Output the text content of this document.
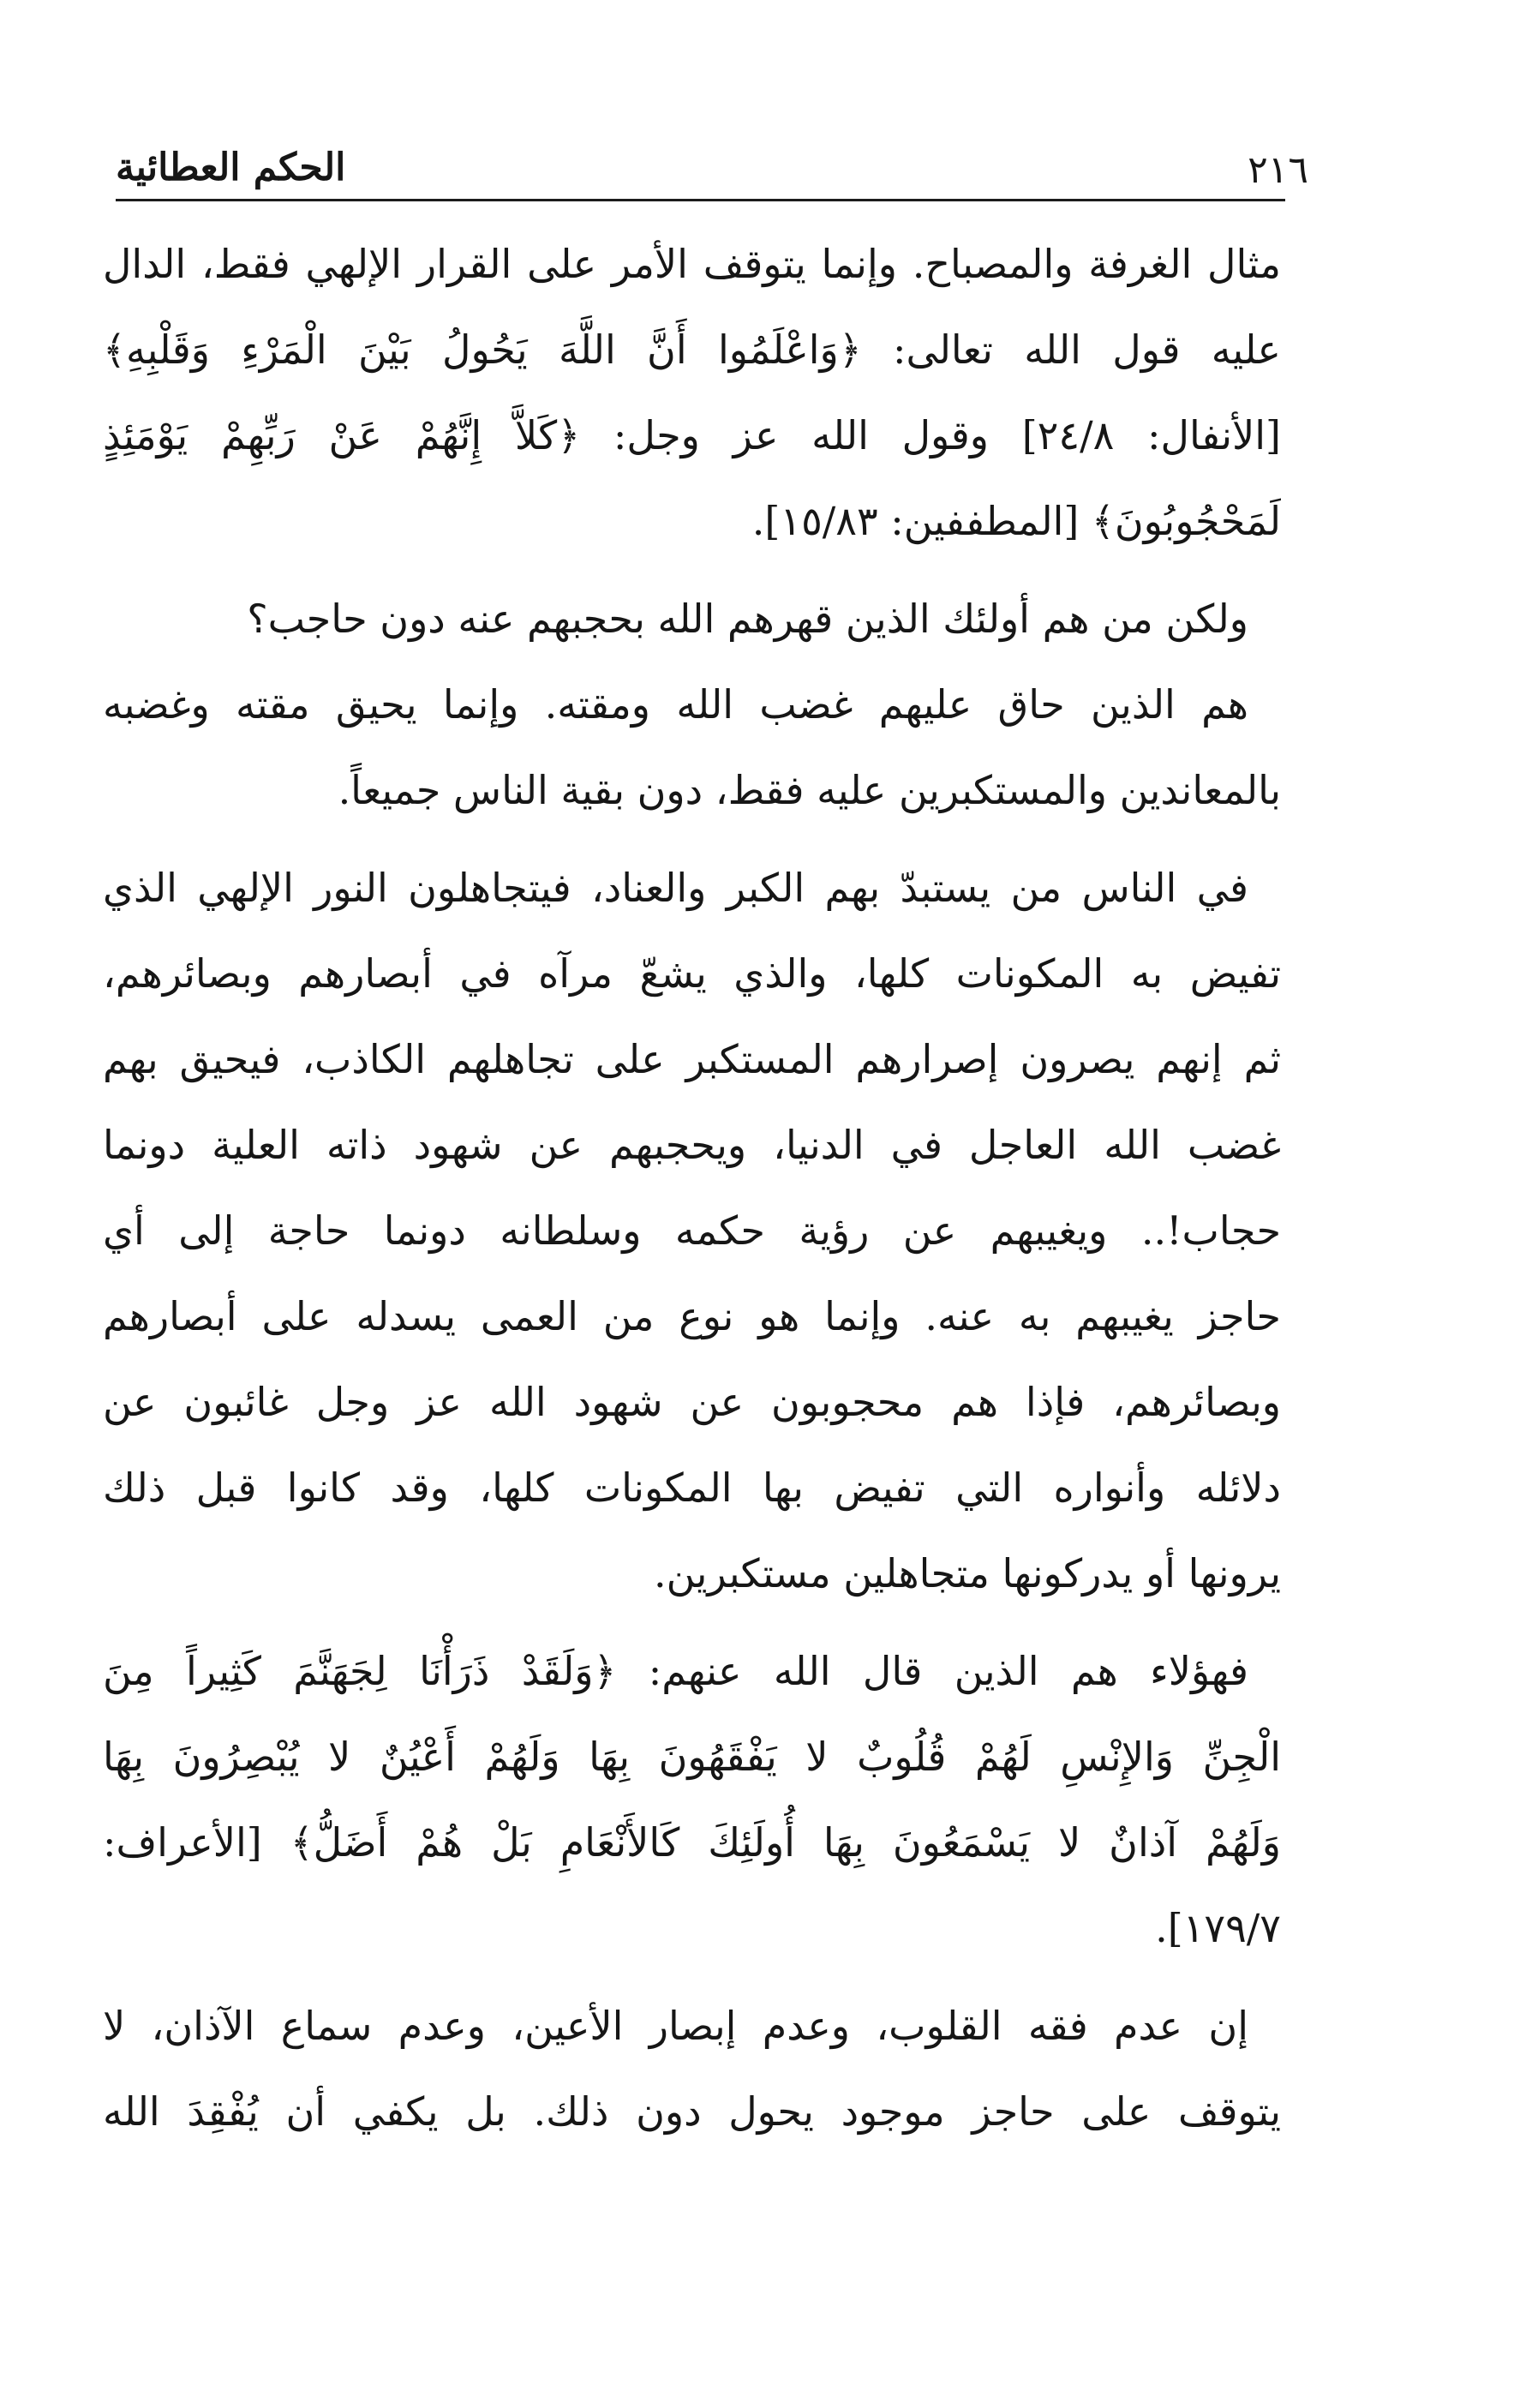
٢١٦
الحكم العطائية
مثال الغرفة والمصباح. وإنما يتوقف الأمر على القرار الإلهي فقط، الدال
عليه قول الله تعالى: ﴿وَاعْلَمُوا أَنَّ اللَّهَ يَحُولُ بَيْنَ الْمَرْءِ وَقَلْبِهِ﴾
[الأنفال: ٢٤/٨] وقول الله عز وجل: ﴿كَلاَّ إِنَّهُمْ عَنْ رَبِّهِمْ يَوْمَئِذٍ
لَمَحْجُوبُونَ﴾ [المطففين: ١٥/٨٣].
ولكن من هم أولئك الذين قهرهم الله بحجبهم عنه دون حاجب؟
هم الذين حاق عليهم غضب الله ومقته. وإنما يحيق مقته وغضبه
بالمعاندين والمستكبرين عليه فقط، دون بقية الناس جميعاً.
في الناس من يستبدّ بهم الكبر والعناد، فيتجاهلون النور الإلهي الذي
تفيض به المكونات كلها، والذي يشعّ مرآه في أبصارهم وبصائرهم،
ثم إنهم يصرون إصرارهم المستكبر على تجاهلهم الكاذب، فيحيق بهم
غضب الله العاجل في الدنيا، ويحجبهم عن شهود ذاته العلية دونما
حجاب!.. ويغيبهم عن رؤية حكمه وسلطانه دونما حاجة إلى أي
حاجز يغيبهم به عنه. وإنما هو نوع من العمى يسدله على أبصارهم
وبصائرهم، فإذا هم محجوبون عن شهود الله عز وجل غائبون عن
دلائله وأنواره التي تفيض بها المكونات كلها، وقد كانوا قبل ذلك
يرونها أو يدركونها متجاهلين مستكبرين.
فهؤلاء هم الذين قال الله عنهم: ﴿وَلَقَدْ ذَرَأْنَا لِجَهَنَّمَ كَثِيراً مِنَ
الْجِنِّ وَالإِنْسِ لَهُمْ قُلُوبٌ لا يَفْقَهُونَ بِهَا وَلَهُمْ أَعْيُنٌ لا يُبْصِرُونَ بِهَا
وَلَهُمْ آذانٌ لا يَسْمَعُونَ بِهَا أُولَئِكَ كَالأَنْعَامِ بَلْ هُمْ أَضَلُّ﴾ [الأعراف:
١٧٩/٧].
إن عدم فقه القلوب، وعدم إبصار الأعين، وعدم سماع الآذان، لا
يتوقف على حاجز موجود يحول دون ذلك. بل يكفي أن يُفْقِدَ الله
